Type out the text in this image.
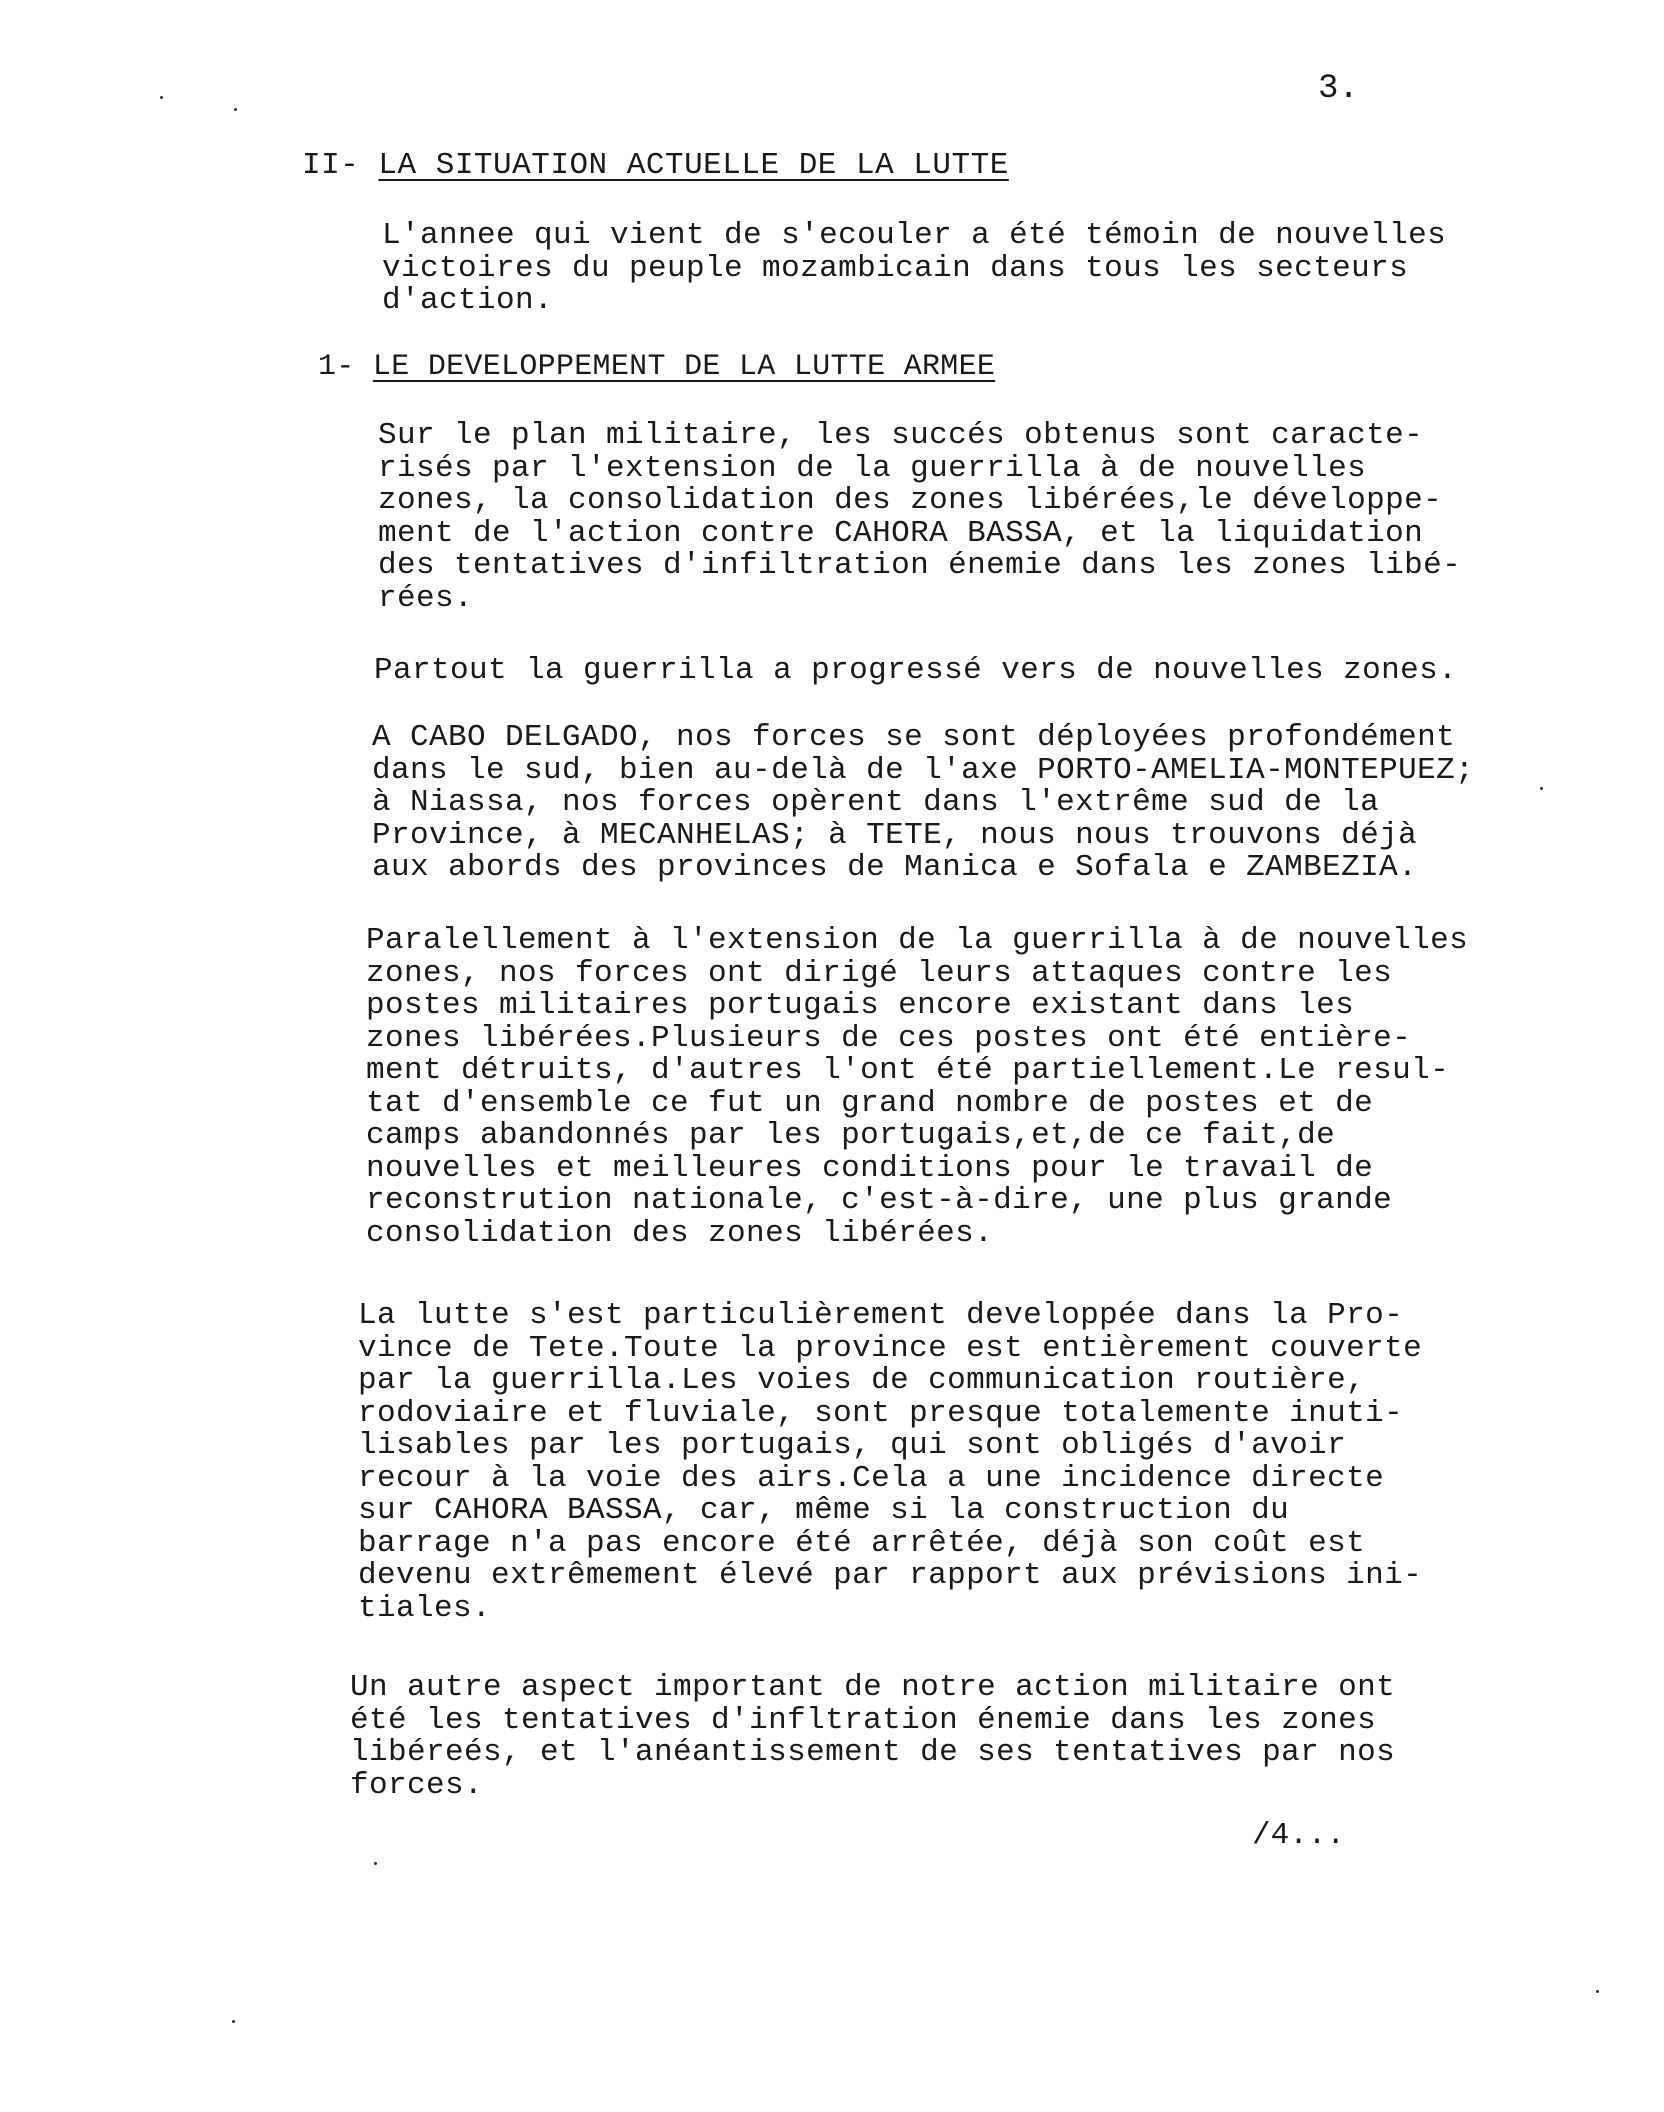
3.
II- LA SITUATION ACTUELLE DE LA LUTTE

L'annee qui vient de s'ecouler a été témoin de nouvelles
victoires du peuple mozambicain dans tous les secteurs
d'action.

1- LE DEVELOPPEMENT DE LA LUTTE ARMEE

Sur le plan militaire, les succés obtenus sont caracte-
risés par l'extension de la guerrilla à de nouvelles
zones, la consolidation des zones libérées,le développe-
ment de l'action contre CAHORA BASSA, et la liquidation
des tentatives d'infiltration énemie dans les zones libé-
rées.

Partout la guerrilla a progressé vers de nouvelles zones.

A CABO DELGADO, nos forces se sont déployées profondément
dans le sud, bien au-delà de l'axe PORTO-AMELIA-MONTEPUEZ;
à Niassa, nos forces opèrent dans l'extrême sud de la
Province, à MECANHELAS; à TETE, nous nous trouvons déjà
aux abords des provinces de Manica e Sofala e ZAMBEZIA.

Paralellement à l'extension de la guerrilla à de nouvelles
zones, nos forces ont dirigé leurs attaques contre les
postes militaires portugais encore existant dans les
zones libérées.Plusieurs de ces postes ont été entière-
ment détruits, d'autres l'ont été partiellement.Le resul-
tat d'ensemble ce fut un grand nombre de postes et de
camps abandonnés par les portugais,et,de ce fait,de
nouvelles et meilleures conditions pour le travail de
reconstrution nationale, c'est-à-dire, une plus grande
consolidation des zones libérées.

La lutte s'est particulièrement developpée dans la Pro-
vince de Tete.Toute la province est entièrement couverte
par la guerrilla.Les voies de communication routière,
rodoviaire et fluviale, sont presque totalemente inuti-
lisables par les portugais, qui sont obligés d'avoir
recour à la voie des airs.Cela a une incidence directe
sur CAHORA BASSA, car, même si la construction du
barrage n'a pas encore été arrêtée, déjà son coût est
devenu extrêmement élevé par rapport aux prévisions ini-
tiales.

Un autre aspect important de notre action militaire ont
été les tentatives d'infltration énemie dans les zones
libéreés, et l'anéantissement de ses tentatives par nos
forces.

/4...
